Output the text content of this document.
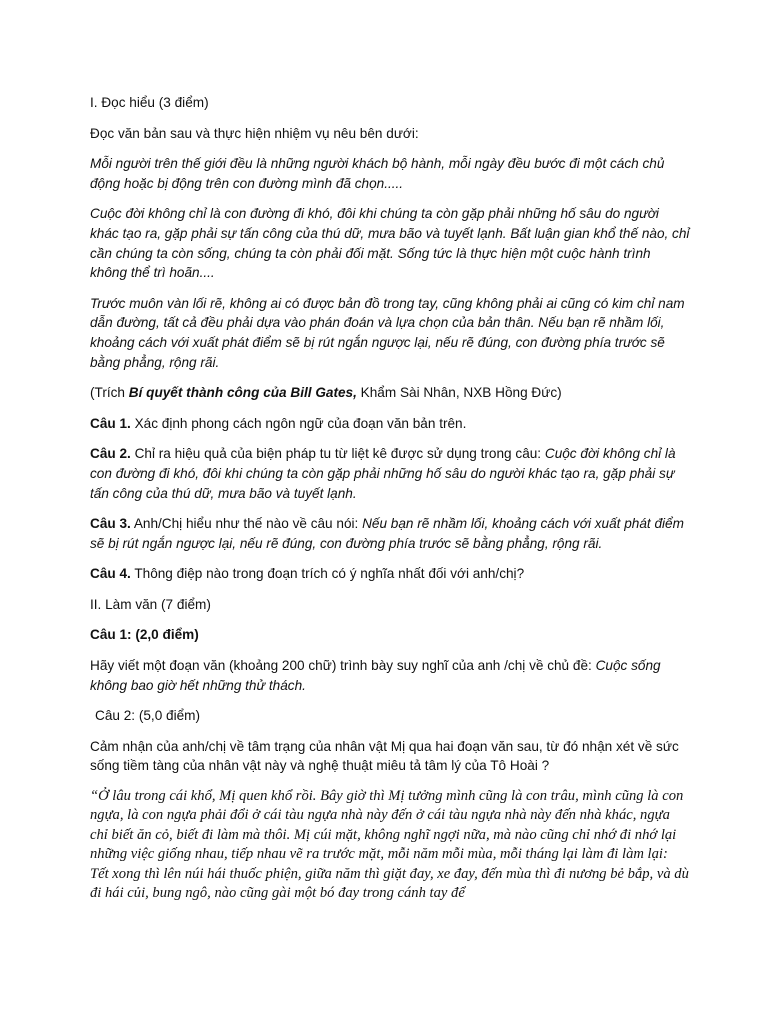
I. Đọc hiểu (3 điểm)

Đọc văn bản sau và thực hiện nhiệm vụ nêu bên dưới:

Mỗi người trên thế giới đều là những người khách bộ hành, mỗi ngày đều bước đi một cách chủ động hoặc bị động trên con đường mình đã chọn.....

Cuộc đời không chỉ là con đường đi khó, đôi khi chúng ta còn gặp phải những hố sâu do người khác tạo ra, gặp phải sự tấn công của thú dữ, mưa bão và tuyết lạnh. Bất luận gian khổ thế nào, chỉ cần chúng ta còn sống, chúng ta còn phải đối mặt. Sống tức là thực hiện một cuộc hành trình không thể trì hoãn....

Trước muôn vàn lối rẽ, không ai có được bản đồ trong tay, cũng không phải ai cũng có kim chỉ nam dẫn đường, tất cả đều phải dựa vào phán đoán và lựa chọn của bản thân. Nếu bạn rẽ nhầm lối, khoảng cách với xuất phát điểm sẽ bị rút ngắn ngược lại, nếu rẽ đúng, con đường phía trước sẽ bằng phẳng, rộng rãi.

(Trích Bí quyết thành công của Bill Gates, Khẩm Sài Nhân, NXB Hồng Đức)

Câu 1. Xác định phong cách ngôn ngữ của đoạn văn bản trên.

Câu 2. Chỉ ra hiệu quả của biện pháp tu từ liệt kê được sử dụng trong câu: Cuộc đời không chỉ là con đường đi khó, đôi khi chúng ta còn gặp phải những hố sâu do người khác tạo ra, gặp phải sự tấn công của thú dữ, mưa bão và tuyết lạnh.

Câu 3. Anh/Chị hiểu như thế nào về câu nói: Nếu bạn rẽ nhầm lối, khoảng cách với xuất phát điểm sẽ bị rút ngắn ngược lại, nếu rẽ đúng, con đường phía trước sẽ bằng phẳng, rộng rãi.

Câu 4. Thông điệp nào trong đoạn trích có ý nghĩa nhất đối với anh/chị?

II. Làm văn (7 điểm)

Câu 1: (2,0 điểm)

Hãy viết một đoạn văn (khoảng 200 chữ) trình bày suy nghĩ của anh /chị về chủ đề: Cuộc sống không bao giờ hết những thử thách.

Câu 2: (5,0 điểm)

Cảm nhận của anh/chị về tâm trạng của nhân vật Mị qua hai đoạn văn sau, từ đó nhận xét về sức sống tiềm tàng của nhân vật này và nghệ thuật miêu tả tâm lý của Tô Hoài ?

“Ở lâu trong cái khổ, Mị quen khổ rồi. Bây giờ thì Mị tưởng mình cũng là con trâu, mình cũng là con ngựa, là con ngựa phải đổi ở cái tàu ngựa nhà này đến ở cái tàu ngựa nhà này đến nhà khác, ngựa chỉ biết ăn cỏ, biết đi làm mà thôi. Mị cúi mặt, không nghĩ ngợi nữa, mà nào cũng chỉ nhớ đi nhớ lại những việc giống nhau, tiếp nhau vẽ ra trước mặt, mỗi năm mỗi mùa, mỗi tháng lại làm đi làm lại: Tết xong thì lên núi hái thuốc phiện, giữa năm thì giặt đay, xe đay, đến mùa thì đi nương bẻ bắp, và dù đi hái củi, bung ngô, nào cũng gài một bó đay trong cánh tay để
